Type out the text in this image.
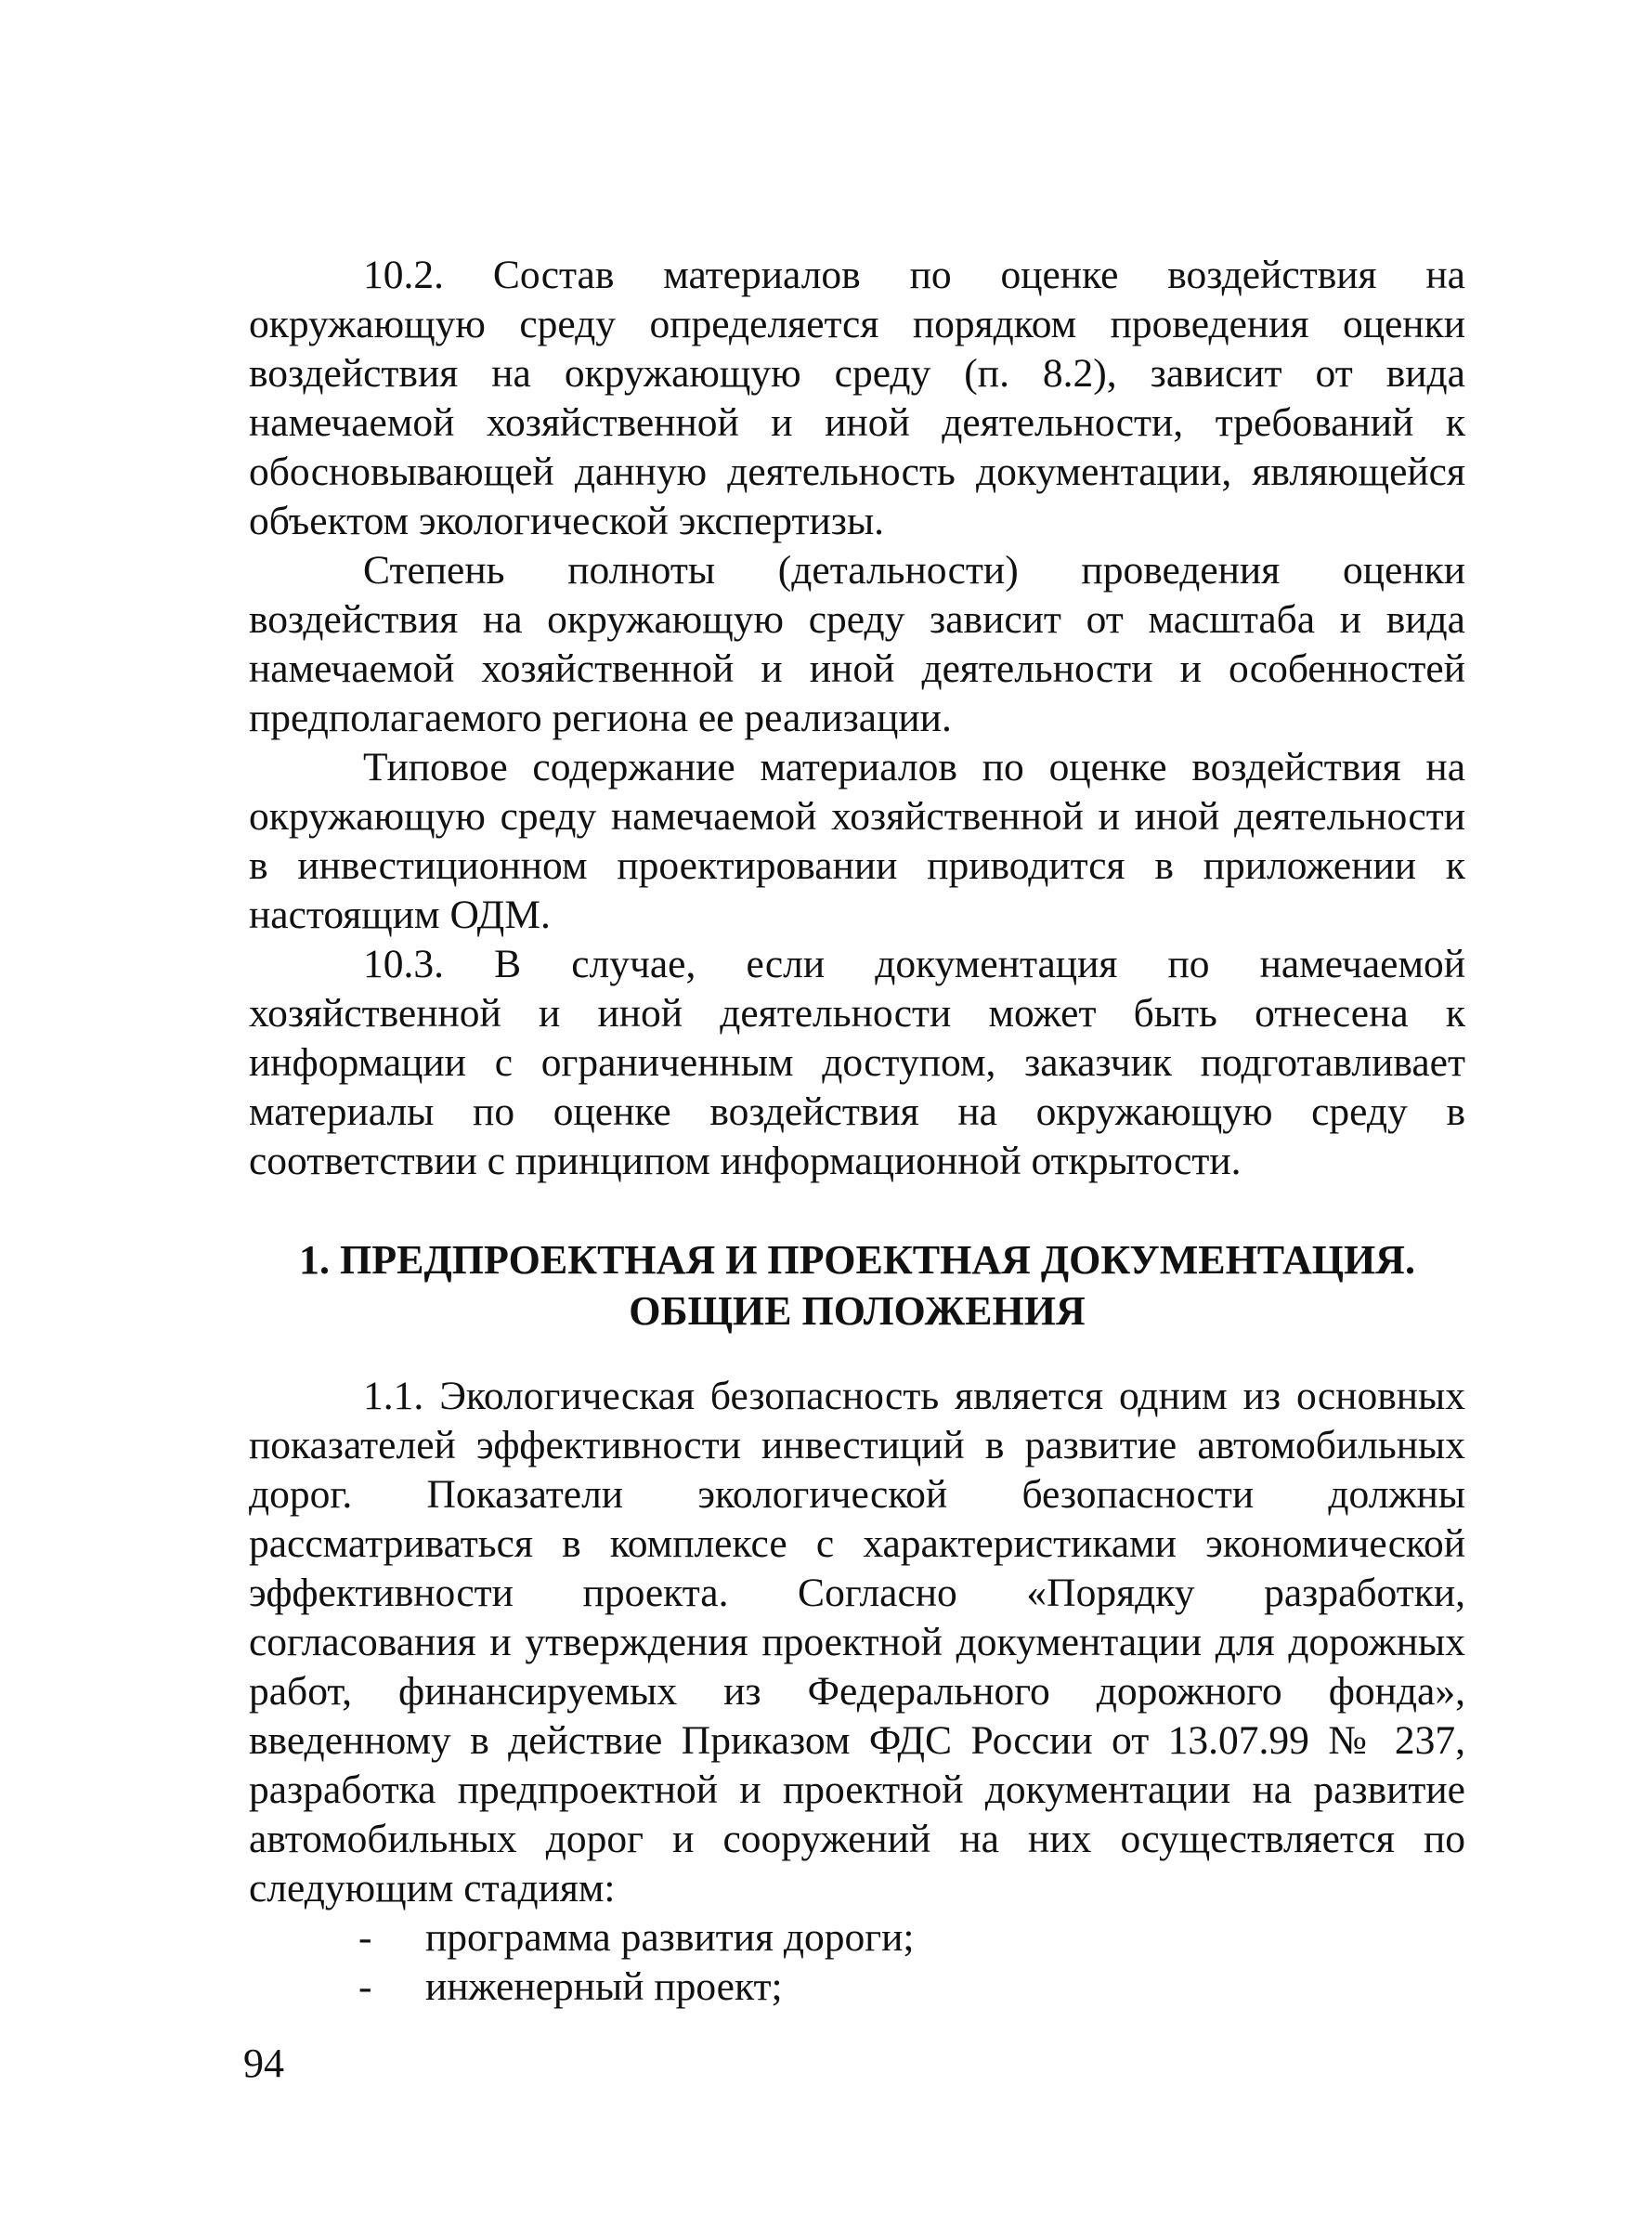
10.2. Состав материалов по оценке воздействия на окружающую среду определяется порядком проведения оценки воздействия на окружающую среду (п. 8.2), зависит от вида намечаемой хозяйственной и иной деятельности, требований к обосновывающей данную деятельность документации, являющейся объектом экологической экспертизы.

Степень полноты (детальности) проведения оценки воздействия на окружающую среду зависит от масштаба и вида намечаемой хозяйственной и иной деятельности и особенностей предполагаемого региона ее реализации.

Типовое содержание материалов по оценке воздействия на окружающую среду намечаемой хозяйственной и иной деятельности в инвестиционном проектировании приводится в приложении к настоящим ОДМ.

10.3. В случае, если документация по намечаемой хозяйственной и иной деятельности может быть отнесена к информации с ограниченным доступом, заказчик подготавливает материалы по оценке воздействия на окружающую среду в соответствии с принципом информационной открытости.

1. ПРЕДПРОЕКТНАЯ И ПРОЕКТНАЯ ДОКУМЕНТАЦИЯ.
ОБЩИЕ ПОЛОЖЕНИЯ

1.1. Экологическая безопасность является одним из основных показателей эффективности инвестиций в развитие автомобильных дорог. Показатели экологической безопасности должны рассматриваться в комплексе с характеристиками экономической эффективности проекта. Согласно «Порядку разработки, согласования и утверждения проектной документации для дорожных работ, финансируемых из Федерального дорожного фонда», введенному в действие Приказом ФДС России от 13.07.99 № 237, разработка предпроектной и проектной документации на развитие автомобильных дорог и сооружений на них осуществляется по следующим стадиям:

-	программа развития дороги;
-	инженерный проект;
94
